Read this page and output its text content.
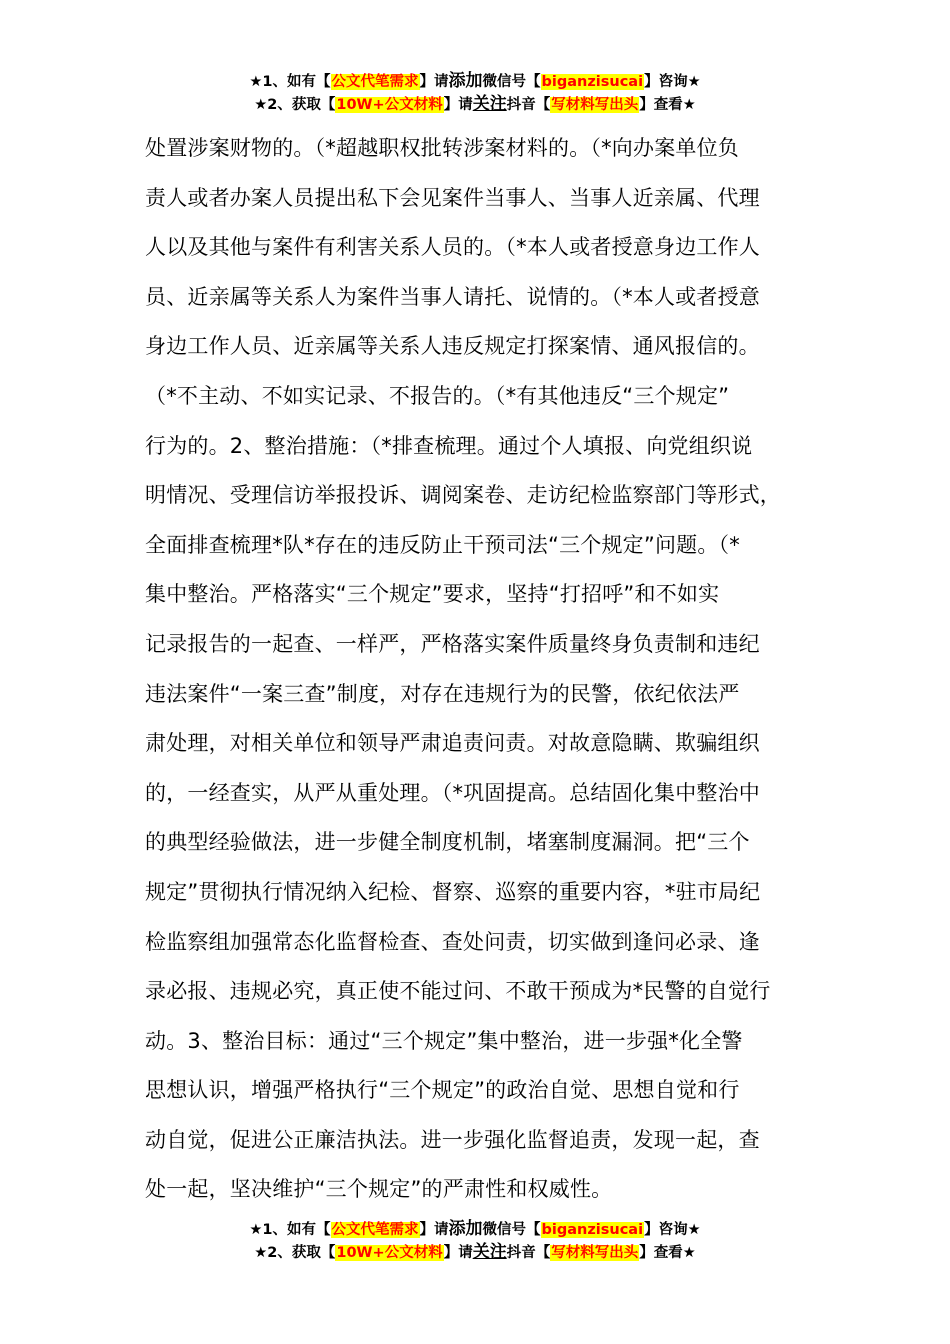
★1、如有【公文代笔需求】请添加微信号【biganzisucai】咨询★
★2、获取【10W+公文材料】请关注抖音【写材料写出头】查看★
处置涉案财物的。（*超越职权批转涉案材料的。（*向办案单位负
责人或者办案人员提出私下会见案件当事人、当事人近亲属、代理
人以及其他与案件有利害关系人员的。（*本人或者授意身边工作人
员、近亲属等关系人为案件当事人请托、说情的。（*本人或者授意
身边工作人员、近亲属等关系人违反规定打探案情、通风报信的。
（*不主动、不如实记录、不报告的。（*有其他违反“三个规定”
行为的。2、整治措施：（*排查梳理。通过个人填报、向党组织说
明情况、受理信访举报投诉、调阅案卷、走访纪检监察部门等形式，
全面排查梳理*队*存在的违反防止干预司法“三个规定”问题。（*
集中整治。严格落实“三个规定”要求，坚持“打招呼”和不如实
记录报告的一起查、一样严，严格落实案件质量终身负责制和违纪
违法案件“一案三查”制度，对存在违规行为的民警，依纪依法严
肃处理，对相关单位和领导严肃追责问责。对故意隐瞒、欺骗组织
的，一经查实，从严从重处理。（*巩固提高。总结固化集中整治中
的典型经验做法，进一步健全制度机制，堵塞制度漏洞。把“三个
规定”贯彻执行情况纳入纪检、督察、巡察的重要内容，*驻市局纪
检监察组加强常态化监督检查、查处问责，切实做到逢问必录、逢
录必报、违规必究，真正使不能过问、不敢干预成为*民警的自觉行
动。3、整治目标：通过“三个规定”集中整治，进一步强*化全警
思想认识，增强严格执行“三个规定”的政治自觉、思想自觉和行
动自觉，促进公正廉洁执法。进一步强化监督追责，发现一起，查
处一起，坚决维护“三个规定”的严肃性和权威性。
★1、如有【公文代笔需求】请添加微信号【biganzisucai】咨询★
★2、获取【10W+公文材料】请关注抖音【写材料写出头】查看★
